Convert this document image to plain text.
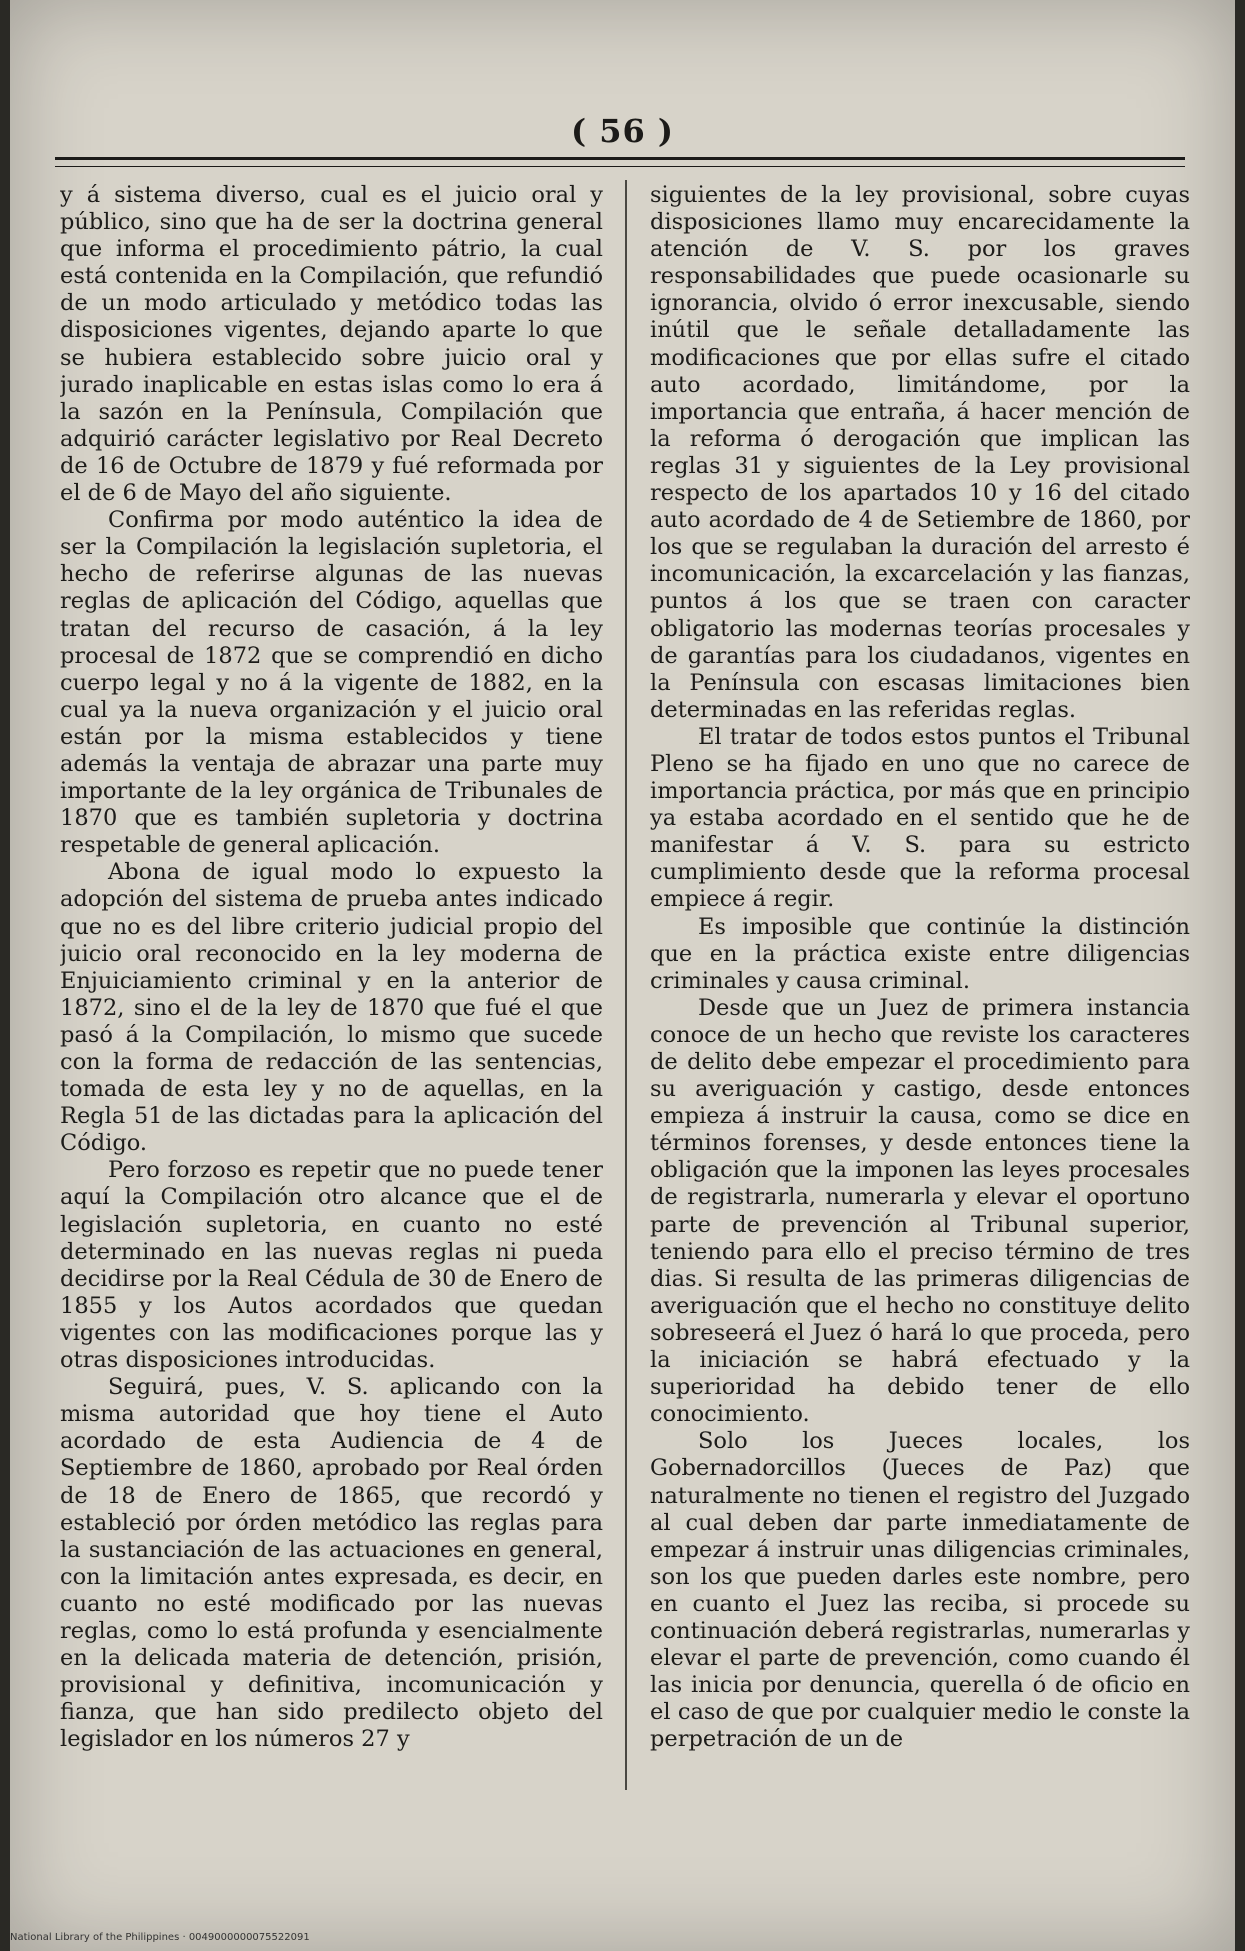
( 56 )

y á sistema diverso, cual es el juicio oral y público, sino que ha de ser la doctrina general que informa el procedimiento pátrio, la cual está contenida en la Compilación, que refundió de un modo articulado y metódico todas las disposiciones vigentes, dejando aparte lo que se hubiera establecido sobre juicio oral y jurado inaplicable en estas islas como lo era á la sazón en la Península, Compilación que adquirió carácter legislativo por Real Decreto de 16 de Octubre de 1879 y fué reformada por el de 6 de Mayo del año siguiente.

Confirma por modo auténtico la idea de ser la Compilación la legislación supletoria, el hecho de referirse algunas de las nuevas reglas de aplicación del Código, aquellas que tratan del recurso de casación, á la ley procesal de 1872 que se comprendió en dicho cuerpo legal y no á la vigente de 1882, en la cual ya la nueva organización y el juicio oral están por la misma establecidos y tiene además la ventaja de abrazar una parte muy importante de la ley orgánica de Tribunales de 1870 que es también supletoria y doctrina respetable de general aplicación.

Abona de igual modo lo expuesto la adopción del sistema de prueba antes indicado que no es del libre criterio judicial propio del juicio oral reconocido en la ley moderna de Enjuiciamiento criminal y en la anterior de 1872, sino el de la ley de 1870 que fué el que pasó á la Compilación, lo mismo que sucede con la forma de redacción de las sentencias, tomada de esta ley y no de aquellas, en la Regla 51 de las dictadas para la aplicación del Código.

Pero forzoso es repetir que no puede tener aquí la Compilación otro alcance que el de legislación supletoria, en cuanto no esté determinado en las nuevas reglas ni pueda decidirse por la Real Cédula de 30 de Enero de 1855 y los Autos acordados que quedan vigentes con las modificaciones porque las y otras disposiciones introducidas.

Seguirá, pues, V. S. aplicando con la misma autoridad que hoy tiene el Auto acordado de esta Audiencia de 4 de Septiembre de 1860, aprobado por Real órden de 18 de Enero de 1865, que recordó y estableció por órden metódico las reglas para la sustanciación de las actuaciones en general, con la limitación antes expresada, es decir, en cuanto no esté modificado por las nuevas reglas, como lo está profunda y esencialmente en la delicada materia de detención, prisión, provisional y definitiva, incomunicación y fianza, que han sido predilecto objeto del legislador en los números 27 y

siguientes de la ley provisional, sobre cuyas disposiciones llamo muy encarecidamente la atención de V. S. por los graves responsabilidades que puede ocasionarle su ignorancia, olvido ó error inexcusable, siendo inútil que le señale detalladamente las modificaciones que por ellas sufre el citado auto acordado, limitándome, por la importancia que entraña, á hacer mención de la reforma ó derogación que implican las reglas 31 y siguientes de la Ley provisional respecto de los apartados 10 y 16 del citado auto acordado de 4 de Setiembre de 1860, por los que se regulaban la duración del arresto é incomunicación, la excarcelación y las fianzas, puntos á los que se traen con caracter obligatorio las modernas teorías procesales y de garantías para los ciudadanos, vigentes en la Península con escasas limitaciones bien determinadas en las referidas reglas.

El tratar de todos estos puntos el Tribunal Pleno se ha fijado en uno que no carece de importancia práctica, por más que en principio ya estaba acordado en el sentido que he de manifestar á V. S. para su estricto cumplimiento desde que la reforma procesal empiece á regir.

Es imposible que continúe la distinción que en la práctica existe entre diligencias criminales y causa criminal.

Desde que un Juez de primera instancia conoce de un hecho que reviste los caracteres de delito debe empezar el procedimiento para su averiguación y castigo, desde entonces empieza á instruir la causa, como se dice en términos forenses, y desde entonces tiene la obligación que la imponen las leyes procesales de registrarla, numerarla y elevar el oportuno parte de prevención al Tribunal superior, teniendo para ello el preciso término de tres dias. Si resulta de las primeras diligencias de averiguación que el hecho no constituye delito sobreseerá el Juez ó hará lo que proceda, pero la iniciación se habrá efectuado y la superioridad ha debido tener de ello conocimiento.

Solo los Jueces locales, los Gobernadorcillos (Jueces de Paz) que naturalmente no tienen el registro del Juzgado al cual deben dar parte inmediatamente de empezar á instruir unas diligencias criminales, son los que pueden darles este nombre, pero en cuanto el Juez las reciba, si procede su continuación deberá registrarlas, numerarlas y elevar el parte de prevención, como cuando él las inicia por denuncia, querella ó de oficio en el caso de que por cualquier medio le conste la perpetración de un de

National Library of the Philippines · 0049000000075522091
